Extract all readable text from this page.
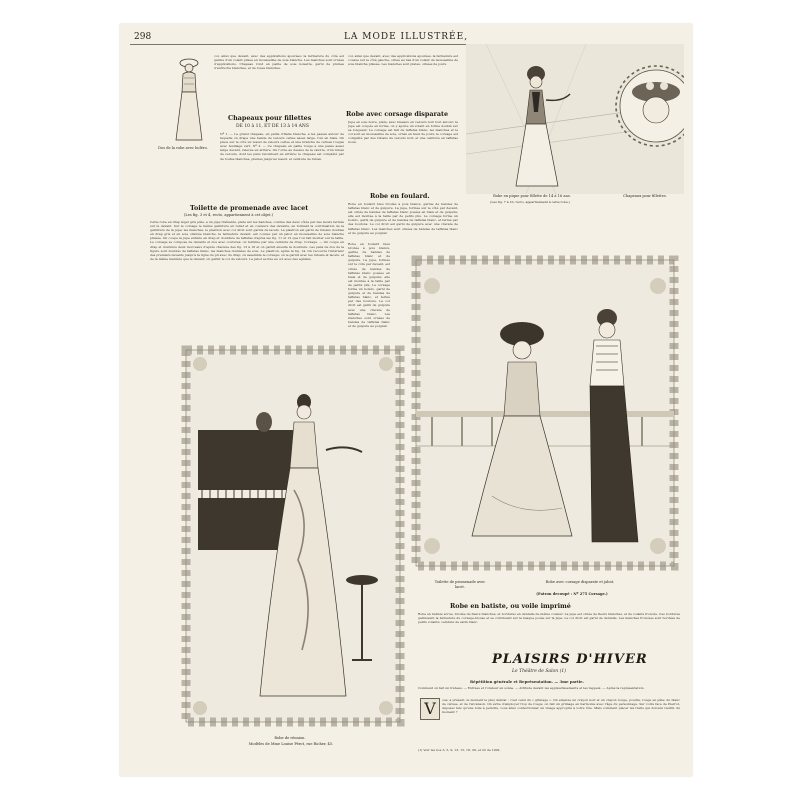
298	LA MODE ILLUSTRÉE,
col, ainsi que devant, avec des applications ajourées; la fermeture du côté est garnie d'un volant plissé en mousseline de soie blanche. Les manches sont ornées d'applications. Chapeau rond en paille de soie noisette, garni de plumes d'autruche blanches, et de roses blanches.
Dos de la robe avec boléro.
Chapeaux pour fillettes
DE 10 à 11, ET DE 13 à 14 ANS
Nº 1. — Le grand chapeau, en paille d'Italie blanche, a les passes autour de laquelle on drape une bande de velours cerise assez large, l'un en biais. On place sur le côté un nœud de velours cerise et une branche de cerises rouges avec feuillage vert. Nº 2. — Ce chapeau en paille rouge a une passe assez large devant, relevée en arrière. On l'orne au dessus de la calotte, d'un ruban de velours, dont les pans retombent en arrière; le chapeau est complété par de toufes blanches, plumes jusqu'au nœud, et ceinture de ruban.
Toilette de promenade avec lacet
(Les fig. 3 et 4, recto, appartiennent à cet objet.)
Cette robe en drap léger gris pâle, a un jupe traînante, plate sur les hanches, comme des deux côtés par des lacets fermés sur le devant. Sur le corsage le même garniture en relief et en couleurs des devants, en formant la continuation de la garniture de la jupe; les manches, le plastron avec col droit sont garnis de lacets. La plastron est garni de rubans doubles en drap gris et en soie ombrée blanche, la fermeture devant, est cousue par un jabot en mousseline de soie blanche plissée. On coupe la jupe entière en drap et doublure de taffetas d'après les fig. 11 et 12 que l'on fait monter sur la taille. Le corsage se compose de devants et dos avec coutures; on termine par une ceinture de drap. Corsage. — On coupe en drap et doublure deux morceaux d'après chacune des fig. 13 à 16 et on garnit ensuite la doublure. Les pans de dos de la figure sont doublés de taffetas blanc, les manches doublées de soie. Le plastron, après la fig. 14, On recouvre l'intérieur des premiers devants jusqu'à la ligne du pli avec du drap; on assemble le corsage; on le garnit avec les rubans et lacets, et de la même manière que le devant; on garnit le col de velours. Le jabot se fixe au col avec des agrafes.
col, ainsi que devant, avec des applications ajourées, la fermeture est cousue sur le côté gauche, ornée au bas d'un volant de mousseline de soie blanche plissée. Les manches sont plates, ornées de jours.
Robe avec corsage disparate
Jupe en soie noire, plate, avec biseaux en velours noir tout autour; la jupe est coupée en forme, on y ajoute un volant en forme doublé sur sa longueur. Le corsage est fait de taffetas blanc, les manches et le col sont en mousseline de soie, ornés en haut de jours; le corsage est complété par des rubans de velours noir, et une ceinture en taffetas noué.
Robe en foulard.
Robe en foulard bleu brodée à pois blancs, garnie de bandes de taffetas blanc et de guipure. La jupe, formée sur le côté par devant, est ornée de bandes de taffetas blanc posées en biais et de guipure; elle est montée à la taille par de petits plis. Le corsage forme un boléro, garni de guipure et de bandes de taffetas blanc, et fermé par des boutons. Le col droit est garni de guipure avec une cravate de taffetas blanc. Les manches sont ornées de bandes de taffetas blanc et de guipure au poignet.
Robe en foulard bleu brodée à pois blancs, garnie de bandes de taffetas blanc et de guipure. La jupe, formée sur le côté par devant, est ornée de bandes de taffetas blanc posées en biais et de guipure; elle est montée à la taille par de petits plis. Le corsage forme un boléro, garni de guipure et de bandes de taffetas blanc, et fermé par des boutons. Le col droit est garni de guipure avec une cravate de taffetas blanc. Les manches sont ornées de bandes de taffetas blanc et de guipure au poignet.
Chapeaux pour fillettes.
Robe en pique pour fillette de 14 à 16 ans.
(Les fig. 7 à 10, recto, appartiennent à cette robe.)
Toilette de promenade avec lacet.
Robe avec corsage disparate et jabot.
(Patron decoupé : Nº 275 Corsage.)
Robe de réunion.
Modèles de Mme Louise Pérot, rue Richer, 45.
Robe en batiste, ou voile imprimé
Robe en batiste écrue, brodée de fleurs blanches, et bordures en dentelle de même couleur. La jupe est ornée de fleurs blanches, et de volants froncés. Ces bordures garnissent la fermeture du corsage-blouse et se continuent sur la basque posée sur la jupe. Le col droit est garni de dentelle. Les manches froncées sont bordées de petits volants; ceinture de satin blanc.
PLAISIRS D'HIVER
Le Théâtre de Salon (1)
Répétition générale et Représentation. — 3me partie.
Comment on fait un tréteau. — Entrées et l'orateur en scène. — Attitude devant les applaudissements et les rappels. — Après la représentation.
V	ous, à présent, le moment le plus délicat : c'est celui du « grimage ». On emploie un crayon noir et un crayon rouge, poudre, rouge en pâte; du blanc de céruse, et de l'arcanson. On évite d'employer trop de rouge; on fait un grimage en harmonie avec l'âge du personnage. Sur votre face de Pierrot, déposez tels qu'une toile à peindre, vous allez confectionner un visage approprié à votre rôle. Mais comment placer les traits qui doivent vieillir, du moment ?
(1) Voir les nos 3, 5, 9, 13, 15, 18, 20, et 22 de 1902.
